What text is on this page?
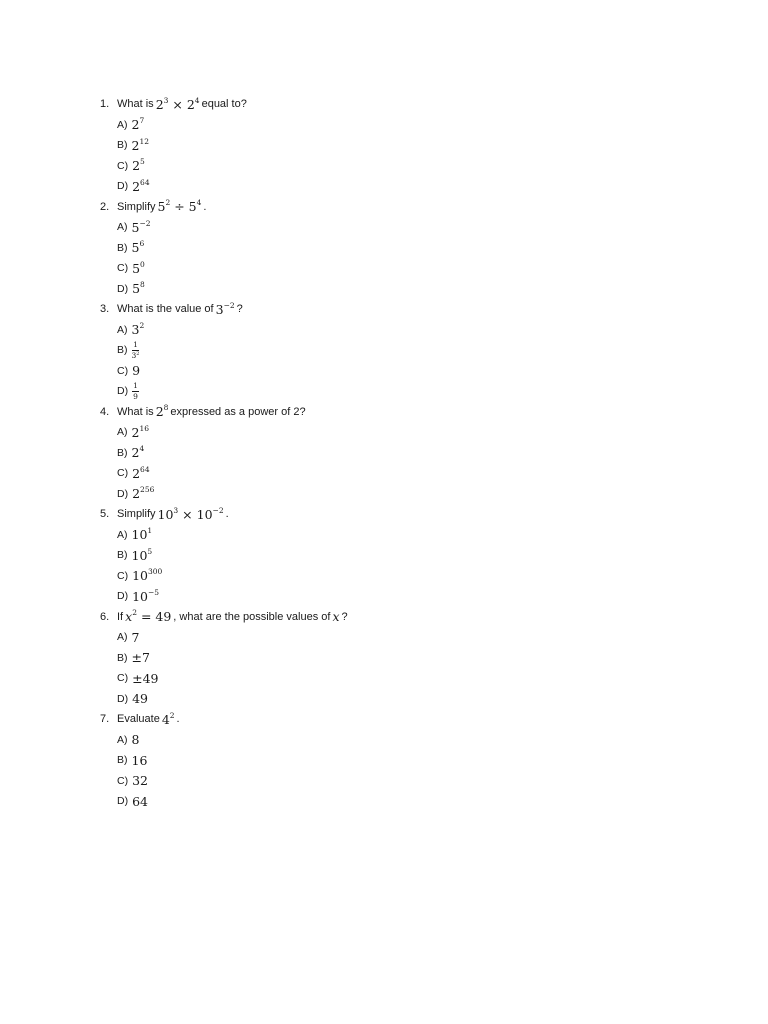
1. What is $2^3 \times 2^4$ equal to?
A) $2^7$
B) $2^{12}$
C) $2^5$
D) $2^{64}$
2. Simplify $5^2 \div 5^4$ .
A) $5^{-2}$
B) $5^6$
C) $5^0$
D) $5^8$
3. What is the value of $3^{-2}$ ?
A) $3^2$
$B) \frac{1}{3^2}$
C) 9
$D) \frac{1}{9}$
4. What is $2^8$ expressed as a power of 2?
A) $2^{16}$
B) $2^4$
C) $2^{64}$
D) $2^{256}$
5. Simplify $10^3 \times 10^{-2}$ .
A) $10^1$
B) $10^5$
C) $10^{300}$
D) $10^{-5}$
6. If $x^2 = 49$ , what are the possible values of x ?
A) 7
B) ±7
C) ±49
D) 49
7. Evaluate $4^2$ .
A) 8
B) 16
C) 32
D) 64
